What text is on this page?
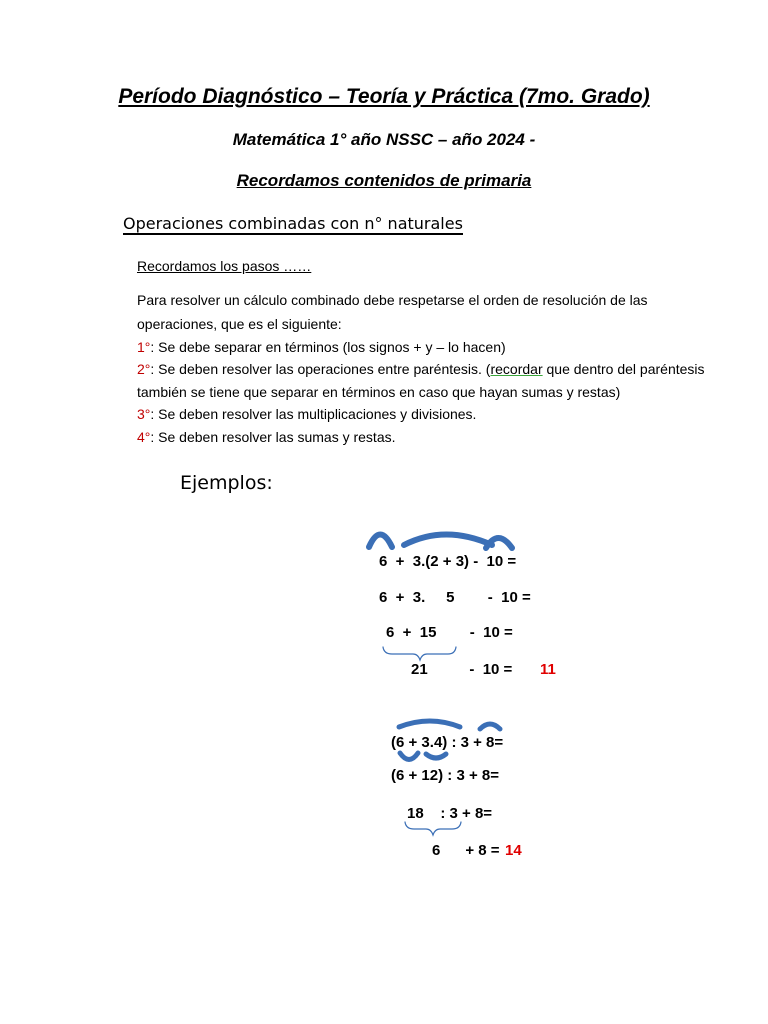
Período Diagnóstico – Teoría y Práctica (7mo. Grado)
Matemática 1° año NSSC – año 2024 -
Recordamos contenidos de primaria
Operaciones combinadas con n° naturales
Recordamos los pasos ……
Para resolver un cálculo combinado debe respetarse el orden de resolución de las
operaciones, que es el siguiente:
1°: Se debe separar en términos (los signos + y – lo hacen)
2°: Se deben resolver las operaciones entre paréntesis. (recordar que dentro del paréntesis
también se tiene que separar en términos en caso que hayan sumas y restas)
3°: Se deben resolver las multiplicaciones y divisiones.
4°: Se deben resolver las sumas y restas.
Ejemplos:
6  +  3.(2 + 3) -  10 =
6  +  3.     5        -  10 =
6  +  15        -  10 =
21          -  10 = 11
(6 + 3.4) : 3 + 8=
(6 + 12) : 3 + 8=
18    : 3 + 8=
6      + 8 = 14
